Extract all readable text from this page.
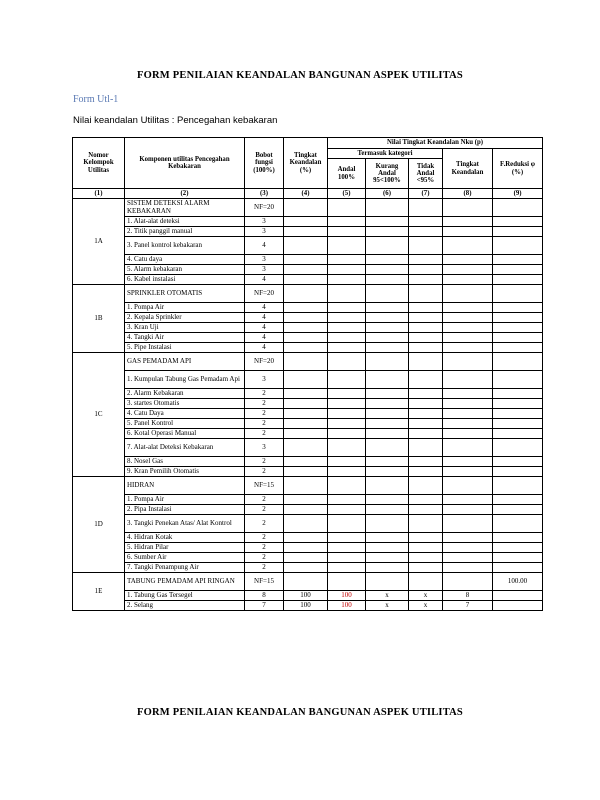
FORM PENILAIAN KEANDALAN BANGUNAN ASPEK UTILITAS
Form Utl-1
Nilai keandalan Utilitas : Pencegahan kebakaran
Nomor Kelompok Utilitas	Komponen utilitas Pencegahan Kebakaran	Bobot fungsi (100%)	Tingkat Keandalan (%)	Nilai Tingkat Keandalan Nku (p)				
				Termasuk kategori			Tingkat Keandalan	F.Reduksi φ (%)
				Andal 100%	Kurang Andal 95<100%	Tidak Andal <95%		
(1)	(2)	(3)	(4)	(5)	(6)	(7)	(8)	(9)
1A	SISTEM DETEKSI ALARM KEBAKARAN	NF=20						
	1. Alat-alat deteksi	3						
	2. Titik panggil manual	3						
	3. Panel kontrol kebakaran	4						
	4. Catu daya	3						
	5. Alarm kebakaran	3						
	6. Kabel instalasi	4						
1B	SPRINKLER OTOMATIS	NF=20						
	1. Pompa Air	4						
	2. Kepala Sprinkler	4						
	3. Kran Uji	4						
	4. Tangki Air	4						
	5. Pipe Instalasi	4						
1C	GAS PEMADAM API	NF=20						
	1. Kumpulan Tabung Gas Pemadam Api	3						
	2. Alarm Kebakaran	2						
	3. startes Otomatis	2						
	4. Catu Daya	2						
	5. Panel Kontrol	2						
	6. Kotal Operasi Manual	2						
	7. Alat-alat Deteksi Kebakaran	3						
	8. Nosel Gas	2						
	9. Kran Pemilih Otomatis	2						
1D	HIDRAN	NF=15						
	1. Pompa Air	2						
	2. Pipa Instalasi	2						
	3. Tangki Penekan Atas/ Alat Kontrol	2						
	4. Hidran Kotak	2						
	5. Hidran Pilar	2						
	6. Sumber Air	2						
	7. Tangki Penampung Air	2						
1E	TABUNG PEMADAM API RINGAN	NF=15						100.00
	1. Tabung Gas Tersegel	8	100	100	x	x	8	
	2. Selang	7	100	100	x	x	7	
FORM PENILAIAN KEANDALAN BANGUNAN ASPEK UTILITAS
